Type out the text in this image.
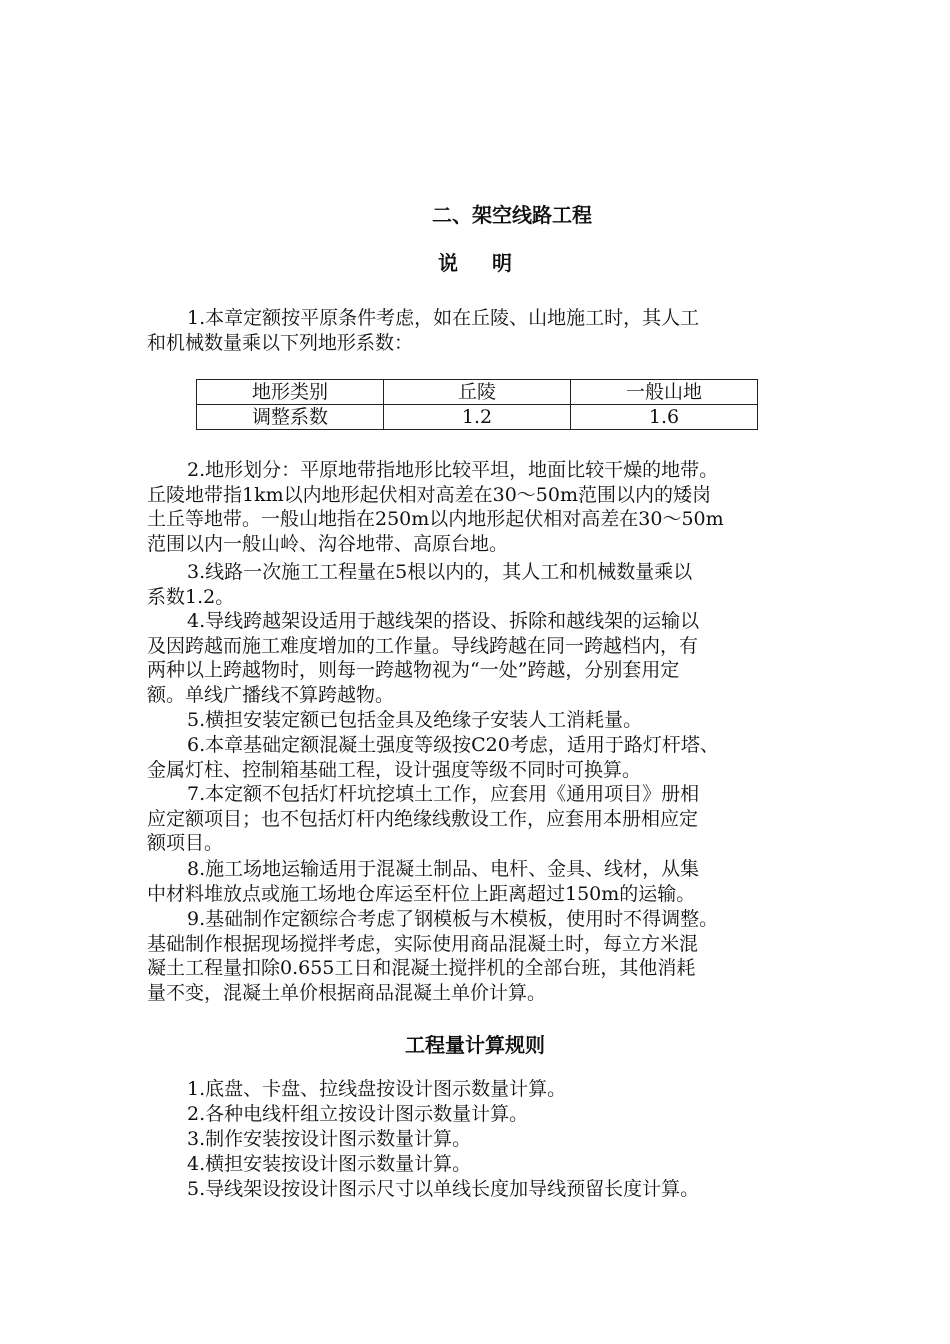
二、架空线路工程
说明
1.本章定额按平原条件考虑，如在丘陵、山地施工时，其人工
和机械数量乘以下列地形系数：
地形类别	丘陵	一般山地
调整系数	1.2	1.6
2.地形划分：平原地带指地形比较平坦，地面比较干燥的地带。
丘陵地带指1km以内地形起伏相对高差在30～50m范围以内的矮岗
土丘等地带。一般山地指在250m以内地形起伏相对高差在30～50m
范围以内一般山岭、沟谷地带、高原台地。
3.线路一次施工工程量在5根以内的，其人工和机械数量乘以
系数1.2。
4.导线跨越架设适用于越线架的搭设、拆除和越线架的运输以
及因跨越而施工难度增加的工作量。导线跨越在同一跨越档内，有
两种以上跨越物时，则每一跨越物视为“一处”跨越，分别套用定
额。单线广播线不算跨越物。
5.横担安装定额已包括金具及绝缘子安装人工消耗量。
6.本章基础定额混凝土强度等级按C20考虑，适用于路灯杆塔、
金属灯柱、控制箱基础工程，设计强度等级不同时可换算。
7.本定额不包括灯杆坑挖填土工作，应套用《通用项目》册相
应定额项目；也不包括灯杆内绝缘线敷设工作，应套用本册相应定
额项目。
8.施工场地运输适用于混凝土制品、电杆、金具、线材，从集
中材料堆放点或施工场地仓库运至杆位上距离超过150m的运输。
9.基础制作定额综合考虑了钢模板与木模板，使用时不得调整。
基础制作根据现场搅拌考虑，实际使用商品混凝土时，每立方米混
凝土工程量扣除0.655工日和混凝土搅拌机的全部台班，其他消耗
量不变，混凝土单价根据商品混凝土单价计算。
工程量计算规则
1.底盘、卡盘、拉线盘按设计图示数量计算。
2.各种电线杆组立按设计图示数量计算。
3.制作安装按设计图示数量计算。
4.横担安装按设计图示数量计算。
5.导线架设按设计图示尺寸以单线长度加导线预留长度计算。
